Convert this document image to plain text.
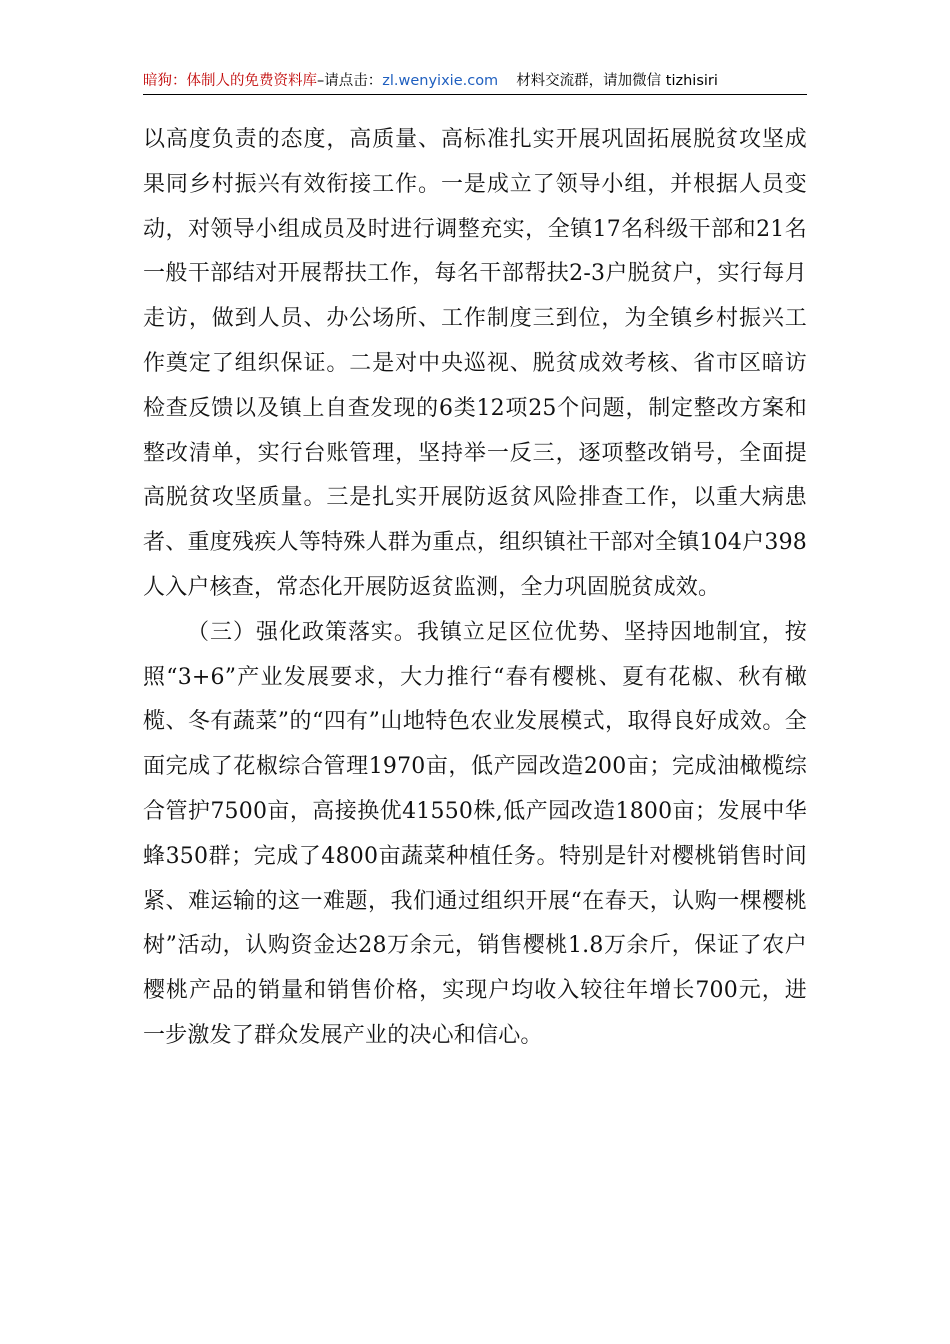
暗狗：体制人的免费资料库–请点击：zl.wenyixie.com 材料交流群，请加微信 tizhisiri

以高度负责的态度，高质量、高标准扎实开展巩固拓展脱贫攻坚成果同乡村振兴有效衔接工作。一是成立了领导小组，并根据人员变动，对领导小组成员及时进行调整充实，全镇17名科级干部和21名一般干部结对开展帮扶工作，每名干部帮扶2-3户脱贫户，实行每月走访，做到人员、办公场所、工作制度三到位，为全镇乡村振兴工作奠定了组织保证。二是对中央巡视、脱贫成效考核、省市区暗访检查反馈以及镇上自查发现的6类12项25个问题，制定整改方案和整改清单，实行台账管理，坚持举一反三，逐项整改销号，全面提高脱贫攻坚质量。三是扎实开展防返贫风险排查工作，以重大病患者、重度残疾人等特殊人群为重点，组织镇社干部对全镇104户398人入户核查，常态化开展防返贫监测，全力巩固脱贫成效。

（三）强化政策落实。我镇立足区位优势、坚持因地制宜，按照“3+6”产业发展要求，大力推行“春有樱桃、夏有花椒、秋有橄榄、冬有蔬菜”的“四有”山地特色农业发展模式，取得良好成效。全面完成了花椒综合管理1970亩，低产园改造200亩；完成油橄榄综合管护7500亩，高接换优41550株,低产园改造1800亩；发展中华蜂350群；完成了4800亩蔬菜种植任务。特别是针对樱桃销售时间紧、难运输的这一难题，我们通过组织开展“在春天，认购一棵樱桃树”活动，认购资金达28万余元，销售樱桃1.8万余斤，保证了农户樱桃产品的销量和销售价格，实现户均收入较往年增长700元，进一步激发了群众发展产业的决心和信心。
